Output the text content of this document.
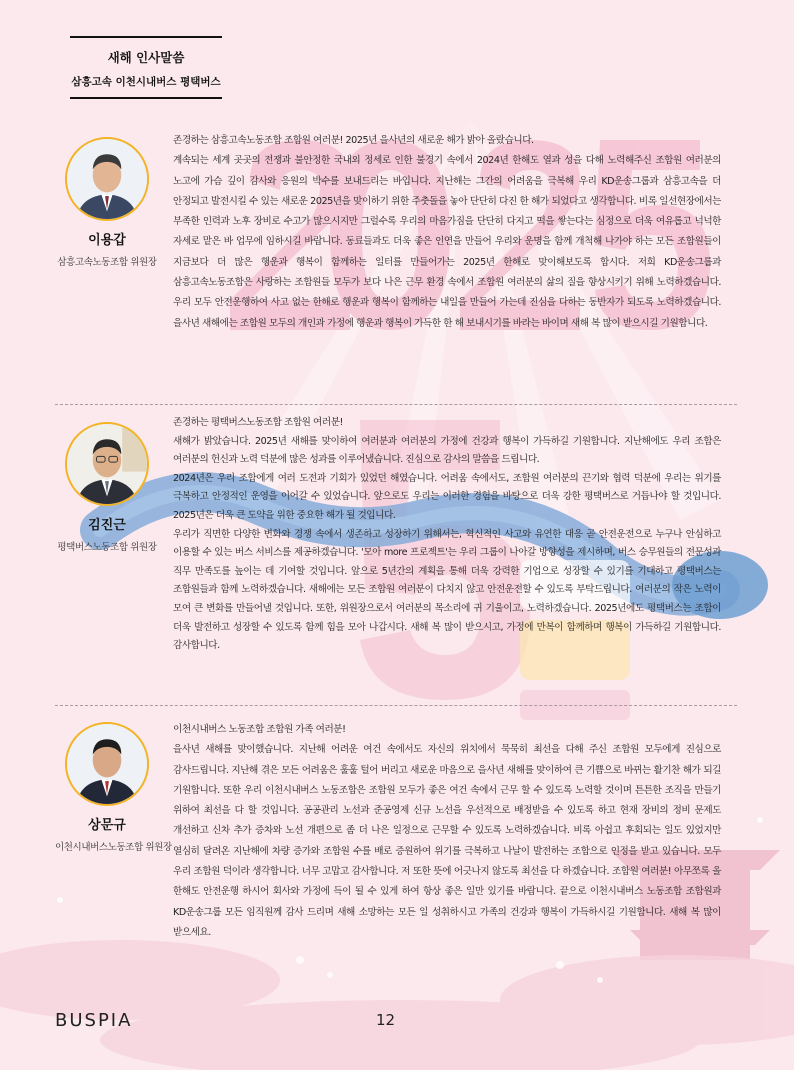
새해 인사말씀
삼흥고속 이천시내버스 평택버스
이용갑
삼흥고속노동조합 위원장

존경하는 삼흥고속노동조합 조합원 여러분! 2025년 을사년의 새로운 해가 밝아 올랐습니다.

계속되는 세계 곳곳의 전쟁과 불안정한 국내외 정세로 인한 불경기 속에서 2024년 한해도 열과 성을 다해 노력해주신 조합원 여러분의 노고에 가슴 깊이 감사와 응원의 박수를 보내드리는 바입니다. 지난해는 그간의 어려움을 극복해 우리 KD운송그룹과 삼흥고속을 더 안정되고 발전시킬 수 있는 새로운 2025년을 맞이하기 위한 주춧돌을 놓아 단단히 다진 한 해가 되었다고 생각합니다. 비록 일선현장에서는 부족한 인력과 노후 장비로 수고가 많으시지만 그럴수록 우리의 마음가짐을 단단히 다지고 떡을 쌓는다는 심정으로 더욱 여유롭고 넉넉한 자세로 맡은 바 업무에 임하시길 바랍니다. 동료들과도 더욱 좋은 인연을 만들어 우리와 운명을 함께 개척해 나가야 하는 모든 조합원들이 지금보다 더 많은 행운과 행복이 함께하는 일터를 만들어가는 2025년 한해로 맞이해보도록 합시다. 저희 KD운송그룹과 삼흥고속노동조합은 사랑하는 조합원들 모두가 보다 나은 근무 환경 속에서 조합원 여러분의 삶의 질을 향상시키기 위해 노력하겠습니다. 우리 모두 안전운행하여 사고 없는 한해로 행운과 행복이 함께하는 내일을 만들어 가는데 진심을 다하는 동반자가 되도록 노력하겠습니다. 을사년 새해에는 조합원 모두의 개인과 가정에 행운과 행복이 가득한 한 해 보내시기를 바라는 바이며 새해 복 많이 받으시길 기원합니다.

김진근
평택버스노동조합 위원장

존경하는 평택버스노동조합 조합원 여러분!

새해가 밝았습니다. 2025년 새해를 맞이하여 여러분과 여러분의 가정에 건강과 행복이 가득하길 기원합니다. 지난해에도 우리 조합은 여러분의 헌신과 노력 덕분에 많은 성과를 이루어냈습니다. 진심으로 감사의 말씀을 드립니다.

2024년은 우리 조합에게 여러 도전과 기회가 있었던 해였습니다. 어려움 속에서도, 조합원 여러분의 끈기와 협력 덕분에 우리는 위기를 극복하고 안정적인 운영을 이어갈 수 있었습니다. 앞으로도 우리는 이러한 경험을 바탕으로 더욱 강한 평택버스로 거듭나야 할 것입니다. 2025년은 더욱 큰 도약을 위한 중요한 해가 될 것입니다.

우리가 직면한 다양한 변화와 경쟁 속에서 생존하고 성장하기 위해서는, 혁신적인 사고와 유연한 대응 곧 안전운전으로 누구나 안심하고 이용할 수 있는 버스 서비스를 제공하겠습니다. '모아 more 프로젝트'는 우리 그룹이 나아갈 방향성을 제시하며, 버스 승무원들의 전문성과 직무 만족도를 높이는 데 기여할 것입니다. 앞으로 5년간의 계획을 통해 더욱 강력한 기업으로 성장할 수 있기를 기대하고 평택버스는 조합원들과 함께 노력하겠습니다. 새해에는 모든 조합원 여러분이 다치지 않고 안전운전할 수 있도록 부탁드립니다. 여러분의 작은 노력이 모여 큰 변화를 만들어낼 것입니다. 또한, 위원장으로서 여러분의 목소리에 귀 기울이고, 노력하겠습니다. 2025년에도 평택버스는 조합이 더욱 발전하고 성장할 수 있도록 함께 힘을 모아 나갑시다. 새해 복 많이 받으시고, 가정에 만복이 함께하며 행복이 가득하길 기원합니다. 감사합니다.

상문규
이천시내버스노동조합 위원장

이천시내버스 노동조합 조합원 가족 여러분!

을사년 새해를 맞이했습니다. 지난해 어려운 여건 속에서도 자신의 위치에서 묵묵히 최선을 다해 주신 조합원 모두에게 진심으로 감사드립니다. 지난해 겪은 모든 어려움은 훌훌 털어 버리고 새로운 마음으로 을사년 새해를 맞이하여 큰 기쁨으로 바뀌는 활기찬 해가 되길 기원합니다. 또한 우리 이천시내버스 노동조합은 조합원 모두가 좋은 여건 속에서 근무 할 수 있도록 노력할 것이며 튼튼한 조직을 만들기 위하여 최선을 다 할 것입니다. 공공관리 노선과 준공영제 신규 노선을 우선적으로 배정받을 수 있도록 하고 현재 장비의 정비 문제도 개선하고 신차 추가 증차와 노선 개편으로 좀 더 나은 일정으로 근무할 수 있도록 노력하겠습니다. 비록 아쉽고 후회되는 일도 있었지만 열심히 달려온 지난해에 차량 증가와 조합원 수를 배로 증원하여 위기를 극복하고 나날이 발전하는 조합으로 인정을 받고 있습니다. 모두 우리 조합원 덕이라 생각합니다. 너무 고맙고 감사합니다. 저 또한 뜻에 어긋나지 않도록 최선을 다 하겠습니다. 조합원 여러분! 아무쪼록 올 한해도 안전운행 하시어 회사와 가정에 득이 될 수 있게 하여 항상 좋은 일만 있기를 바랍니다. 끝으로 이천시내버스 노동조합 조합원과 KD운송그룹 모든 임직원께 감사 드리며 새해 소망하는 모든 일 성취하시고 가족의 건강과 행복이 가득하시길 기원합니다. 새해 복 많이 받으세요.

BUSPIA	12
